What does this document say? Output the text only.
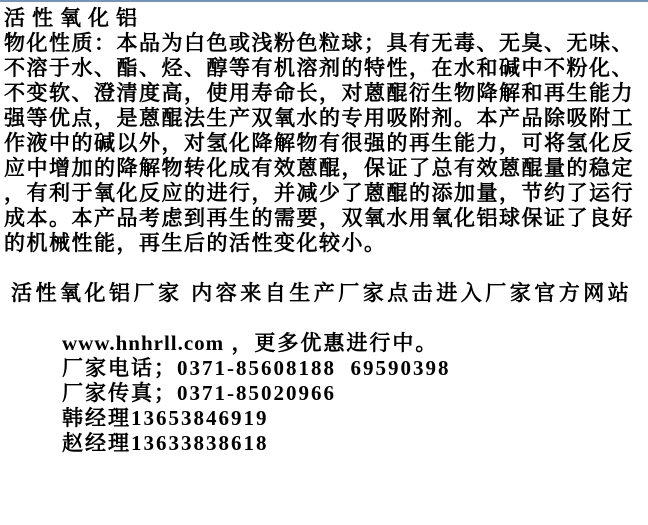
活性氧化铝
物化性质：本品为白色或浅粉色粒球；具有无毒、无臭、无味、
不溶于水、酯、烃、醇等有机溶剂的特性，在水和碱中不粉化、
不变软、澄清度高，使用寿命长，对蒽醌衍生物降解和再生能力
强等优点，是蒽醌法生产双氧水的专用吸附剂。本产品除吸附工
作液中的碱以外，对氢化降解物有很强的再生能力，可将氢化反
应中增加的降解物转化成有效蒽醌，保证了总有效蒽醌量的稳定
，有利于氧化反应的进行，并减少了蒽醌的添加量，节约了运行
成本。本产品考虑到再生的需要，双氧水用氧化铝球保证了良好
的机械性能，再生后的活性变化较小。
活性氧化铝厂家 内容来自生产厂家点击进入厂家官方网站

www.hnhrll.com ，更多优惠进行中。

厂家电话；0371-85608188  69590398

厂家传真；0371-85020966

韩经理13653846919

赵经理13633838618
